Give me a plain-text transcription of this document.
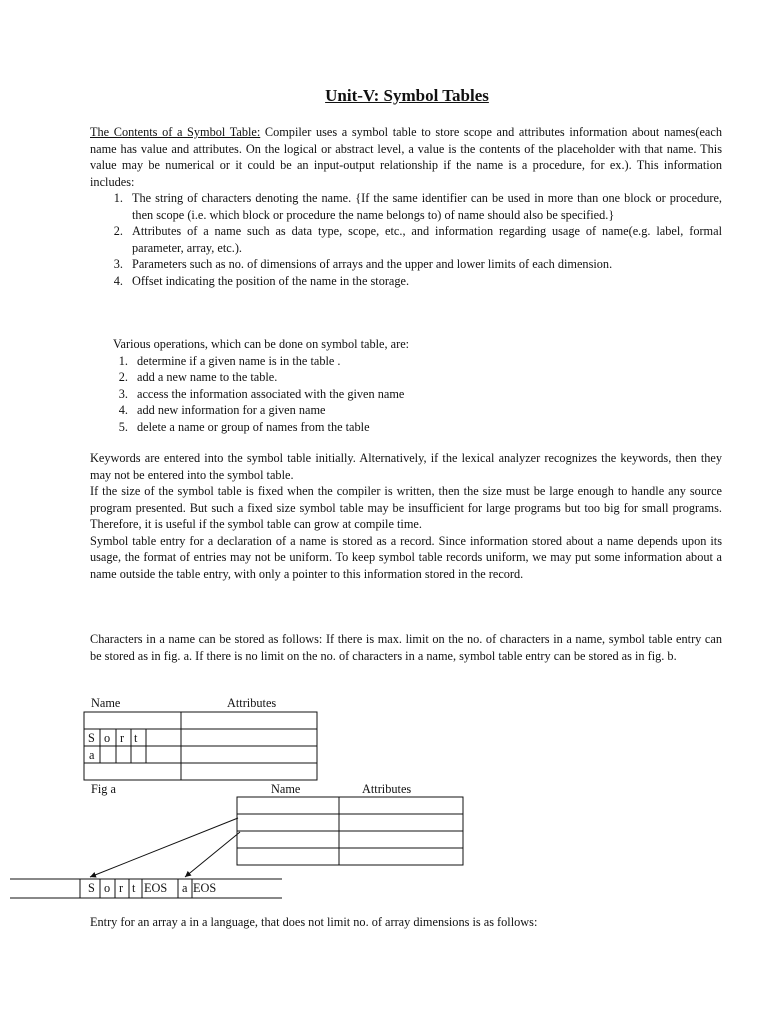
Unit-V: Symbol Tables

The Contents of a Symbol Table: Compiler uses a symbol table to store scope and attributes information about names(each name has value and attributes. On the logical or abstract level, a value is the contents of the placeholder with that name. This value may be numerical or it could be an input-output relationship if the name is a procedure, for ex.). This information includes:

1. The string of characters denoting the name. {If the same identifier can be used in more than one block or procedure, then scope (i.e. which block or procedure the name belongs to) of name should also be specified.}
2. Attributes of a name such as data type, scope, etc., and information regarding usage of name(e.g. label, formal parameter, array, etc.).
3. Parameters such as no. of dimensions of arrays and the upper and lower limits of each dimension.
4. Offset indicating the position of the name in the storage.

Various operations, which can be done on symbol table, are:

1. determine if a given name is in the table .
2. add a new name to the table.
3. access the information associated with the given name
4. add new information for a given name
5. delete a name or group of names from the table

Keywords are entered into the symbol table initially. Alternatively, if the lexical analyzer recognizes the keywords, then they may not be entered into the symbol table.

If the size of the symbol table is fixed when the compiler is written, then the size must be large enough to handle any source program presented. But such a fixed size symbol table may be insufficient for large programs but too big for small programs. Therefore, it is useful if the symbol table can grow at compile time.

Symbol table entry for a declaration of a name is stored as a record. Since information stored about a name depends upon its usage, the format of entries may not be uniform. To keep symbol table records uniform, we may put some information about a name outside the table entry, with only a pointer to this information stored in the record.

Characters in a name can be stored as follows: If there is max. limit on the no. of characters in a name, symbol table entry can be stored as in fig. a. If there is no limit on the no. of characters in a name, symbol table entry can be stored as in fig. b.
Name	Attributes
S o r t
a
Fig a	Name	Attributes
S o r t EOS a EOS
Entry for an array a in a language, that does not limit no. of array dimensions is as follows:
